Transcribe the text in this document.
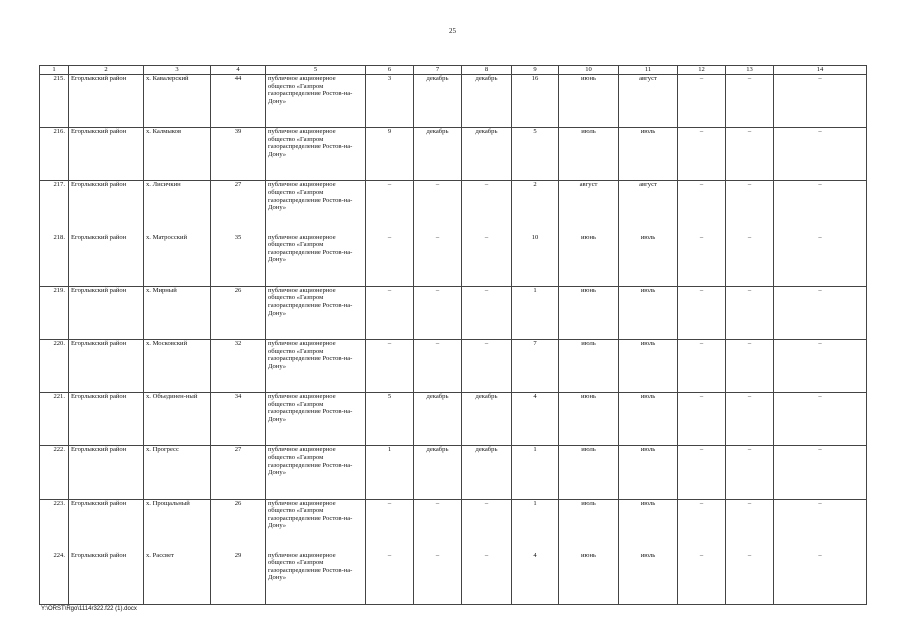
25
1	2	3	4	5	6	7	8	9	10	11	12	13	14
215.	Егорлыкский район	х. Кавалерский	44	публичное акционерное общество «Газпром газораспределение Ростов-на-Дону»	3	декабрь	декабрь	16	июнь	август	–	–	–
216.	Егорлыкский район	х. Калмыков	39	публичное акционерное общество «Газпром газораспределение Ростов-на-Дону»	9	декабрь	декабрь	5	июль	июль	–	–	–
217.	Егорлыкский район	х. Лисичкин	27	публичное акционерное общество «Газпром газораспределение Ростов-на-Дону»	–	–	–	2	август	август	–	–	–
218.	Егорлыкский район	х. Матросский	35	публичное акционерное общество «Газпром газораспределение Ростов-на-Дону»	–	–	–	10	июнь	июль	–	–	–
219.	Егорлыкский район	х. Мирный	26	публичное акционерное общество «Газпром газораспределение Ростов-на-Дону»	–	–	–	1	июнь	июль	–	–	–
220.	Егорлыкский район	х. Московский	32	публичное акционерное общество «Газпром газораспределение Ростов-на-Дону»	–	–	–	7	июль	июль	–	–	–
221.	Егорлыкский район	х. Объединен-ный	34	публичное акционерное общество «Газпром газораспределение Ростов-на-Дону»	5	декабрь	декабрь	4	июнь	июль	–	–	–
222.	Егорлыкский район	х. Прогресс	27	публичное акционерное общество «Газпром газораспределение Ростов-на-Дону»	1	декабрь	декабрь	1	июль	июль	–	–	–
223.	Егорлыкский район	х. Прощальный	26	публичное акционерное общество «Газпром газораспределение Ростов-на-Дону»	–	–	–	1	июль	июль	–	–	–
224.	Егорлыкский район	х. Рассвет	29	публичное акционерное общество «Газпром газораспределение Ростов-на-Дону»	–	–	–	4	июнь	июль	–	–	–
Y:\ORST\Rgo\1114r322.f22 (1).docx
